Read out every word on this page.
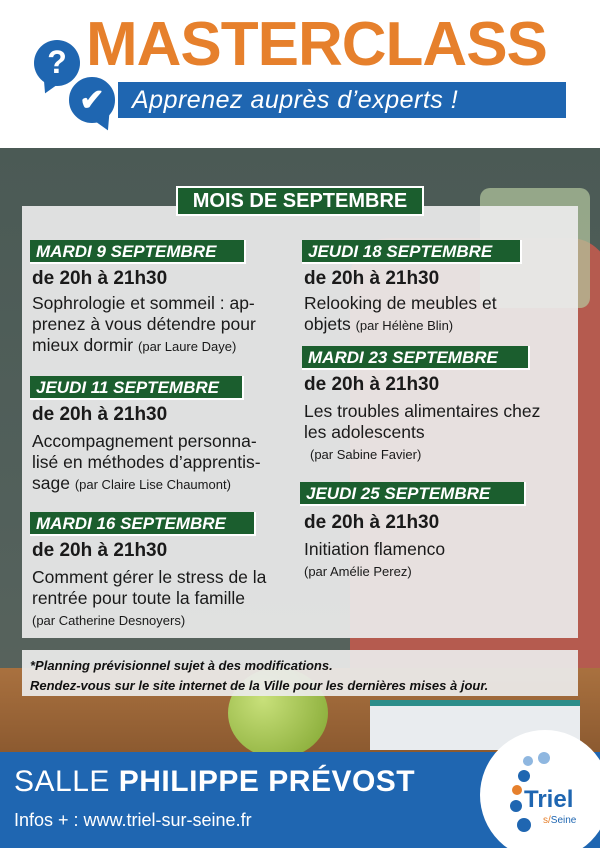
?
✔
MASTERCLASS
Apprenez auprès d’experts !
MOIS DE SEPTEMBRE
MARDI 9 SEPTEMBRE
de 20h à 21h30
Sophrologie et sommeil : ap-
prenez à vous détendre pour
mieux dormir (par Laure Daye)
JEUDI 11 SEPTEMBRE
de 20h à 21h30
Accompagnement personna-
lisé en méthodes d’apprentis-
sage (par Claire Lise Chaumont)
MARDI 16 SEPTEMBRE
de 20h à 21h30
Comment gérer le stress de la
rentrée pour toute la famille
(par Catherine Desnoyers)
JEUDI 18 SEPTEMBRE
de 20h à 21h30
Relooking de meubles et
objets (par Hélène Blin)
MARDI 23 SEPTEMBRE
de 20h à 21h30
Les troubles alimentaires chez
les adolescents
(par Sabine Favier)
JEUDI 25 SEPTEMBRE
de 20h à 21h30
Initiation flamenco
(par Amélie Perez)
*Planning prévisionnel sujet à des modifications.
Rendez-vous sur le site internet de la Ville pour les dernières mises à jour.
SALLE PHILIPPE PRÉVOST
Infos + : www.triel-sur-seine.fr
Triel
s/Seine
